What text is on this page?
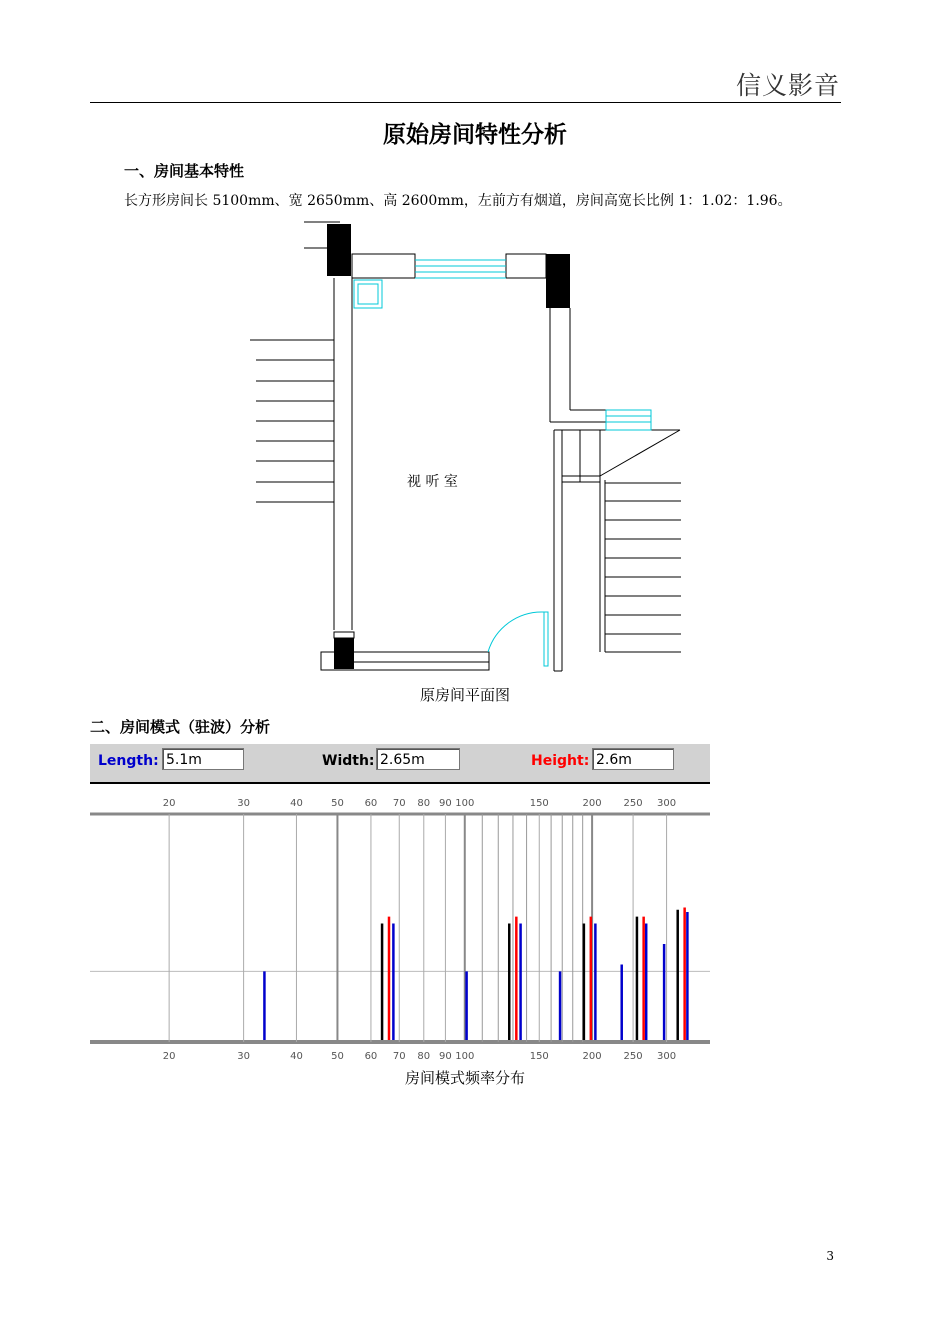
信义影音
原始房间特性分析
一、房间基本特性
长方形房间长 5100mm、宽 2650mm、高 2600mm，左前方有烟道，房间高宽长比例 1：1.02：1.96。
视 听 室
原房间平面图
二、房间模式（驻波）分析
Length: 5.1m	Width: 2.65m	Height: 2.6m
20
20
30
30
40
40
50
50
60
60
70
70
80
80
90
90
100
100
150
150
200
200
250
250
300
300
房间模式频率分布
3
